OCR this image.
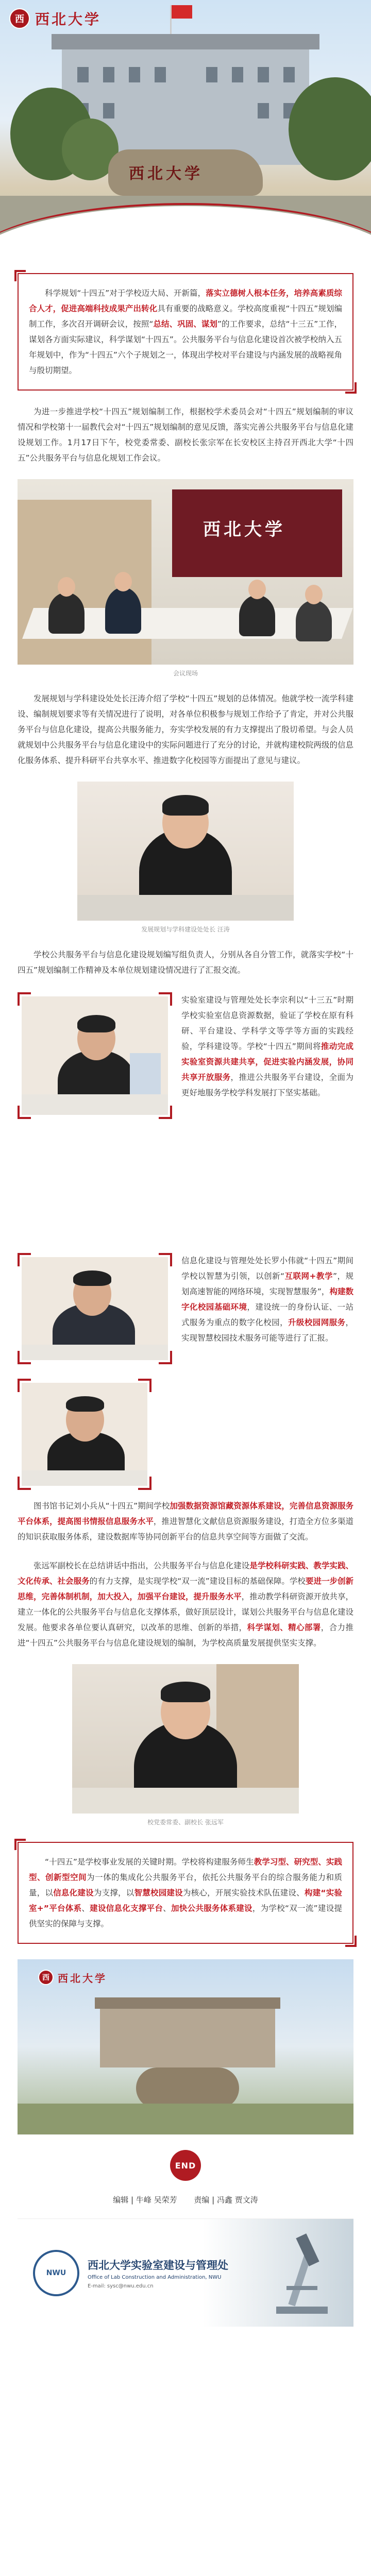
西 西北大学
西北大学

科学规划“十四五”对于学校迈大局、开新篇，落实立德树人根本任务，培养高素质综合人才，促进高端科技成果产出转化具有重要的战略意义。学校高度重视“十四五”规划编制工作，多次召开调研会议，按照“总结、巩固、谋划”的工作要求，总结“十三五”工作，谋划各方面实际建议，科学谋划“十四五”。公共服务平台与信息化建设首次被学校纳入五年规划中，作为“十四五”六个子规划之一，体现出学校对平台建设与内涵发展的战略视角与殷切期望。

为进一步推进学校“十四五”规划编制工作，根据校学术委员会对“十四五”规划编制的审议情况和学校第十一届教代会对“十四五”规划编制的意见反馈，落实完善公共服务平台与信息化建设规划工作。1月17日下午，校党委常委、副校长张宗军在长安校区主持召开西北大学“十四五”公共服务平台与信息化规划工作会议。

西北大学
会议现场

发展规划与学科建设处处长汪涛介绍了学校“十四五”规划的总体情况。他就学校一流学科建设、编制规划要求等有关情况进行了说明，对各单位积极参与规划工作给予了肯定，并对公共服务平台与信息化建设，提高公共服务能力，夯实学校发展的有力支撑提出了殷切希望。与会人员就规划中公共服务平台与信息化建设中的实际问题进行了充分的讨论，并就构建校院两级的信息化服务体系、提升科研平台共享水平、推进数字化校园等方面提出了意见与建议。

发展规划与学科建设处处长 汪涛

学校公共服务平台与信息化建设规划编写组负责人，分别从各自分管工作，就落实学校“十四五”规划编制工作精神及本单位规划建设情况进行了汇报交流。

实验室建设与管理处处长李宗利以“十三五”时期学校实验室信息资源数据，验证了学校在原有科研、平台建设、学科学文等学等方面的实践经验，学科建设等。学校“十四五”期间将推动完成实验室资源共建共享，促进实验内涵发展，协同共享开放服务，推进公共服务平台建设，全面为更好地服务学校学科发展打下坚实基础。
信息化建设与管理处处长罗小伟就“十四五”期间学校以智慧为引领，以创新“互联网+教学”，规划高速智能的网络环境，实现智慧服务”，构建数字化校园基础环境，建设统一的身份认证、一站式服务为重点的数字化校园，升级校园网服务，实现智慧校园技术服务可能等进行了汇报。

图书馆书记刘小兵从“十四五”期间学校加强数据资源馆藏资源体系建设，完善信息资源服务平台体系，提高图书情报信息服务水平，推进智慧化文献信息资源服务建设，打造全方位多渠道的知识获取服务体系，建设数据库等协同创新平台的信息共享空间等方面做了交流。

张远军副校长在总结讲话中指出，公共服务平台与信息化建设是学校科研实践、教学实践、文化传承、社会服务的有力支撑，是实现学校“双一流”建设目标的基础保障。学校要进一步创新思维，完善体制机制，加大投入，加强平台建设，提升服务水平，推动教学科研资源开放共享，建立一体化的公共服务平台与信息化支撑体系，做好顶层设计，谋划公共服务平台与信息化建设发展。他要求各单位要认真研究，以改革的思维、创新的举措，科学谋划、精心部署，合力推进“十四五”公共服务平台与信息化建设规划的编制，为学校高质量发展提供坚实支撑。

校党委常委、副校长 张远军

“十四五”是学校事业发展的关键时期。学校将构建服务师生教学习型、研究型、实践型、创新型空间为一体的集成化公共服务平台，依托公共服务平台的综合服务能力和质量，以信息化建设为支撑，以智慧校园建设为核心，开展实验技术队伍建设、构建“实验室+”平台体系、建设信息化支撑平台、加快公共服务体系建设，为学校“双一流”建设提供坚实的保障与支撑。

西 西北大学
END
编辑 | 牛峰 吴荣芳 责编 | 冯鑫 贾文涛
NWU
西北大学实验室建设与管理处
Office of Lab Construction and Administration, NWU
E-mail: sysc@nwu.edu.cn
